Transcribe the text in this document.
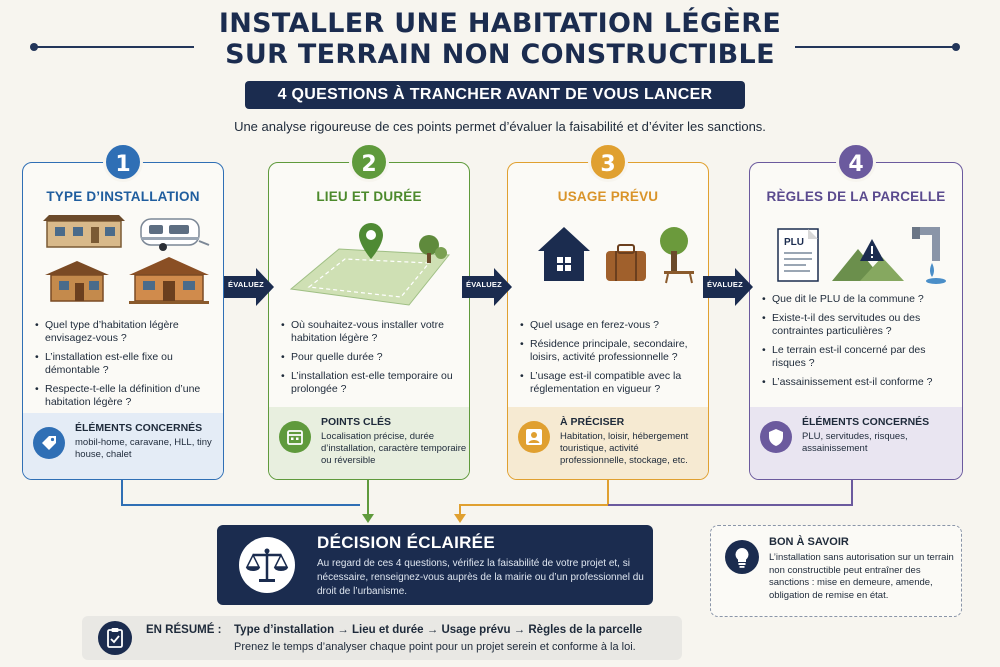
INSTALLER UNE HABITATION LÉGÈRE
SUR TERRAIN NON CONSTRUCTIBLE
4 QUESTIONS À TRANCHER AVANT DE VOUS LANCER
Une analyse rigoureuse de ces points permet d’évaluer la faisabilité et d’éviter les sanctions.
TYPE D’INSTALLATION
• Quel type d’habitation légère envisagez-vous ?
• L’installation est-elle fixe ou démontable ?
• Respecte-t-elle la définition d’une habitation légère ?
ÉLÉMENTS CONCERNÉS
mobil-home, caravane, HLL, tiny house, chalet
1
LIEU ET DURÉE
• Où souhaitez-vous installer votre habitation légère ?
• Pour quelle durée ?
• L’installation est-elle temporaire ou prolongée ?
POINTS CLÉS
Localisation précise, durée d’installation, caractère temporaire ou réversible
2
USAGE PRÉVU
• Quel usage en ferez-vous ?
• Résidence principale, secondaire, loisirs, activité professionnelle ?
• L’usage est-il compatible avec la réglementation en vigueur ?
À PRÉCISER
Habitation, loisir, hébergement touristique, activité professionnelle, stockage, etc.
3
RÈGLES DE LA PARCELLE
PLU
• Que dit le PLU de la commune ?
• Existe-t-il des servitudes ou des contraintes particulières ?
• Le terrain est-il concerné par des risques ?
• L’assainissement est-il conforme ?
ÉLÉMENTS CONCERNÉS
PLU, servitudes, risques, assainissement
4
ÉVALUEZ	ÉVALUEZ	ÉVALUEZ
DÉCISION ÉCLAIRÉE
Au regard de ces 4 questions, vérifiez la faisabilité de votre projet et, si nécessaire, renseignez-vous auprès de la mairie ou d’un professionnel du droit de l’urbanisme.
BON À SAVOIR
L’installation sans autorisation sur un terrain non constructible peut entraîner des sanctions : mise en demeure, amende, obligation de remise en état.
EN RÉSUMÉ : Type d’installation → Lieu et durée → Usage prévu → Règles de la parcelle
Prenez le temps d’analyser chaque point pour un projet serein et conforme à la loi.
